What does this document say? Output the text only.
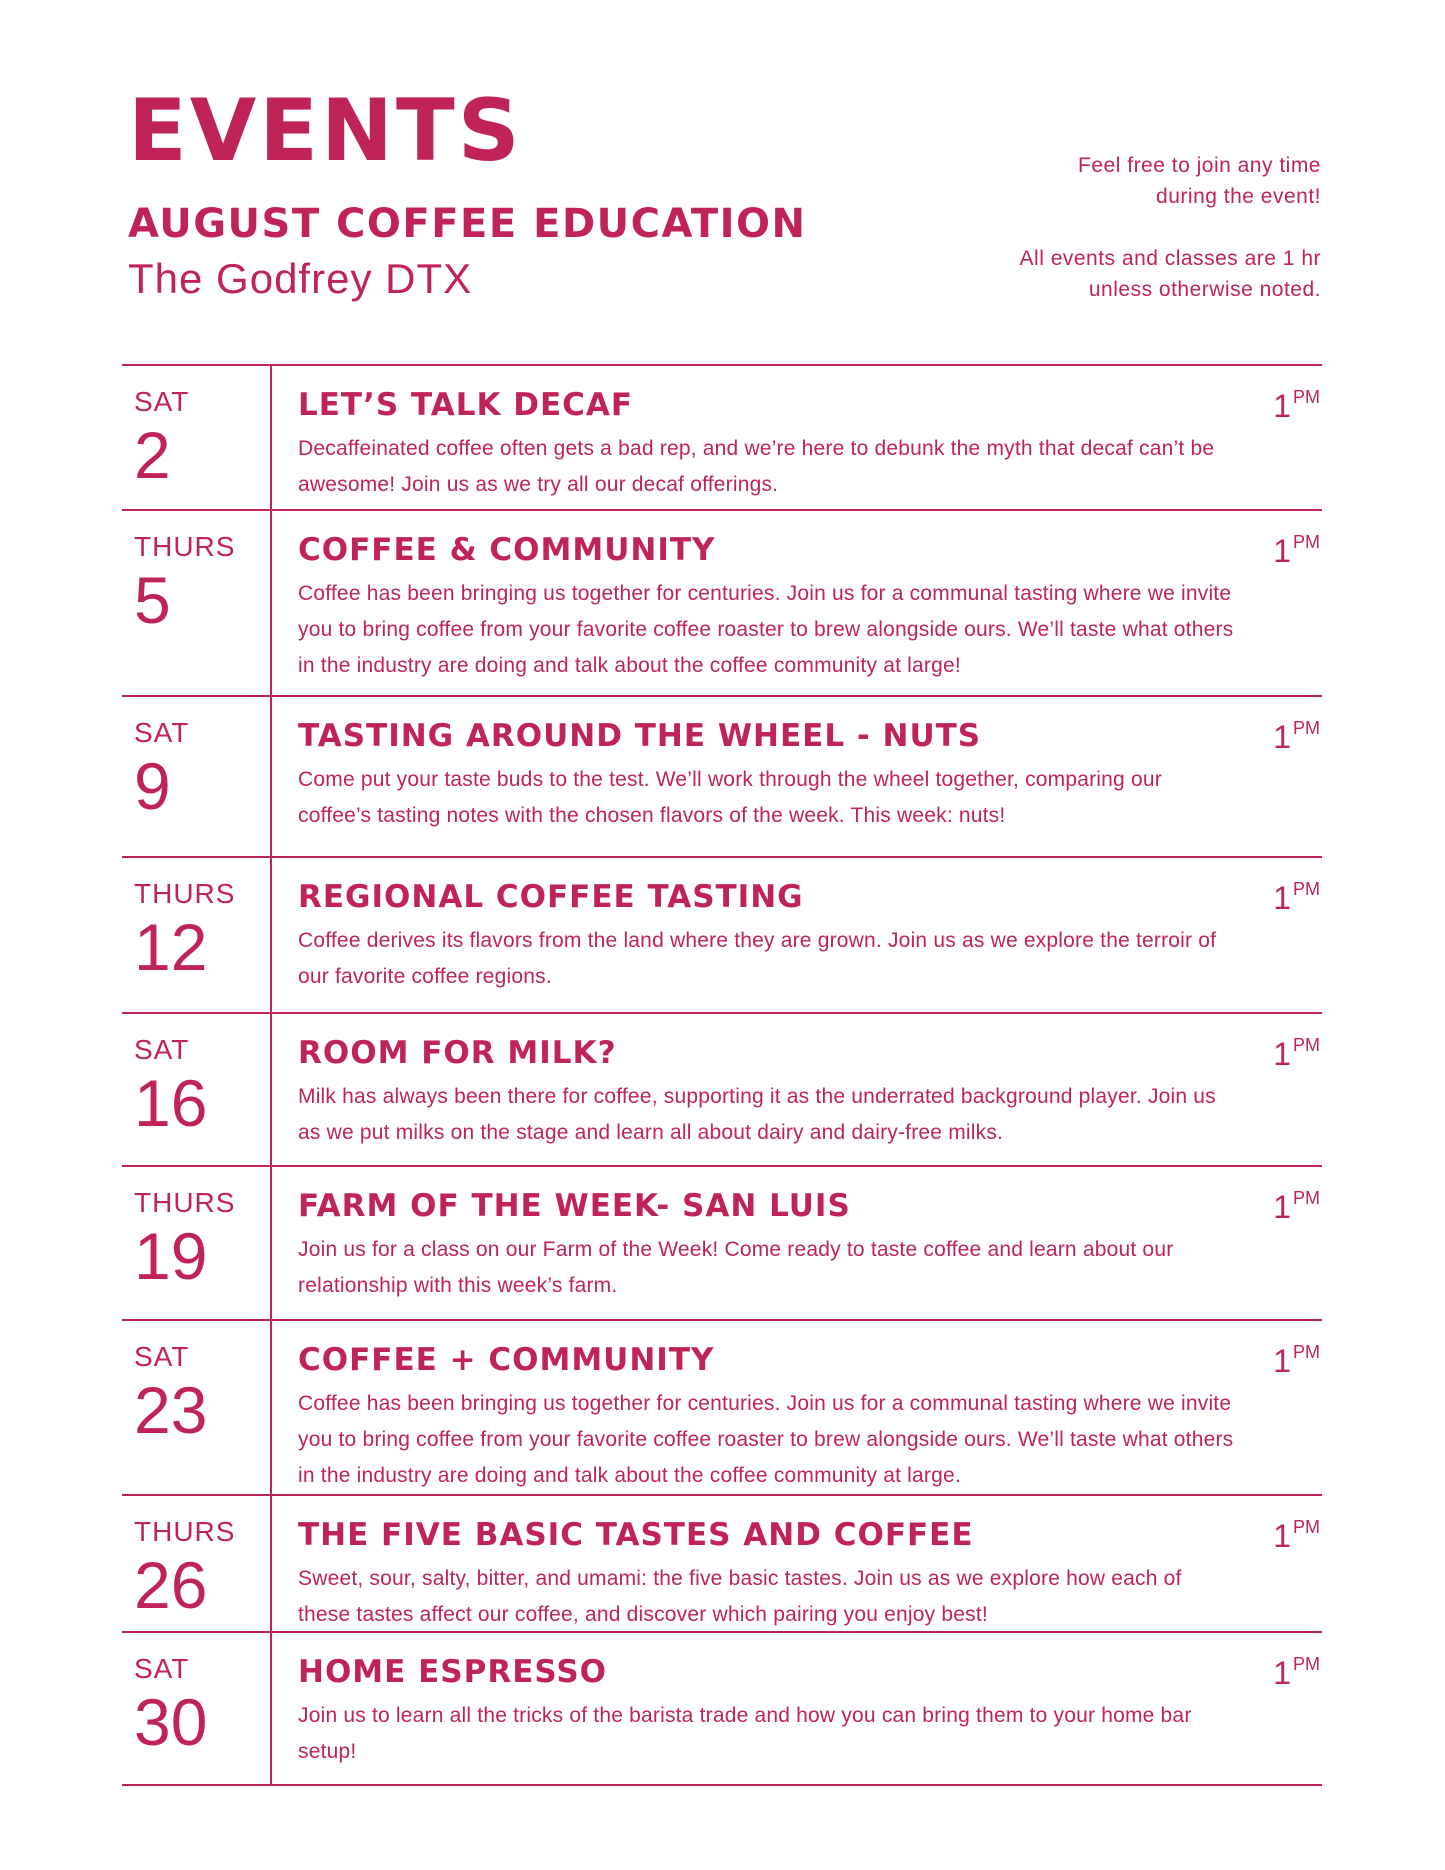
EVENTS
AUGUST COFFEE EDUCATION
The Godfrey DTX

Feel free to join any time
during the event!

All events and classes are 1 hr
unless otherwise noted.

SAT
2
LET’S TALK DECAF
Decaffeinated coffee often gets a bad rep, and we’re here to debunk the myth that decaf can’t be awesome! Join us as we try all our decaf offerings.
1 $^{PM}$
THURS
5
COFFEE & COMMUNITY
Coffee has been bringing us together for centuries. Join us for a communal tasting where we invite you to bring coffee from your favorite coffee roaster to brew alongside ours. We’ll taste what others in the industry are doing and talk about the coffee community at large!
1 $^{PM}$
SAT
9
TASTING AROUND THE WHEEL - NUTS
Come put your taste buds to the test. We’ll work through the wheel together, comparing our coffee’s tasting notes with the chosen flavors of the week. This week: nuts!
1 $^{PM}$
THURS
12
REGIONAL COFFEE TASTING
Coffee derives its flavors from the land where they are grown. Join us as we explore the terroir of our favorite coffee regions.
1 $^{PM}$
SAT
16
ROOM FOR MILK?
Milk has always been there for coffee, supporting it as the underrated background player. Join us as we put milks on the stage and learn all about dairy and dairy-free milks.
1 $^{PM}$
THURS
19
FARM OF THE WEEK- SAN LUIS
Join us for a class on our Farm of the Week! Come ready to taste coffee and learn about our relationship with this week’s farm.
1 $^{PM}$
SAT
23
COFFEE + COMMUNITY
Coffee has been bringing us together for centuries. Join us for a communal tasting where we invite you to bring coffee from your favorite coffee roaster to brew alongside ours. We’ll taste what others in the industry are doing and talk about the coffee community at large.
1 $^{PM}$
THURS
26
THE FIVE BASIC TASTES AND COFFEE
Sweet, sour, salty, bitter, and umami: the five basic tastes. Join us as we explore how each of these tastes affect our coffee, and discover which pairing you enjoy best!
1 $^{PM}$
SAT
30
HOME ESPRESSO
Join us to learn all the tricks of the barista trade and how you can bring them to your home bar setup!
1 $^{PM}$
